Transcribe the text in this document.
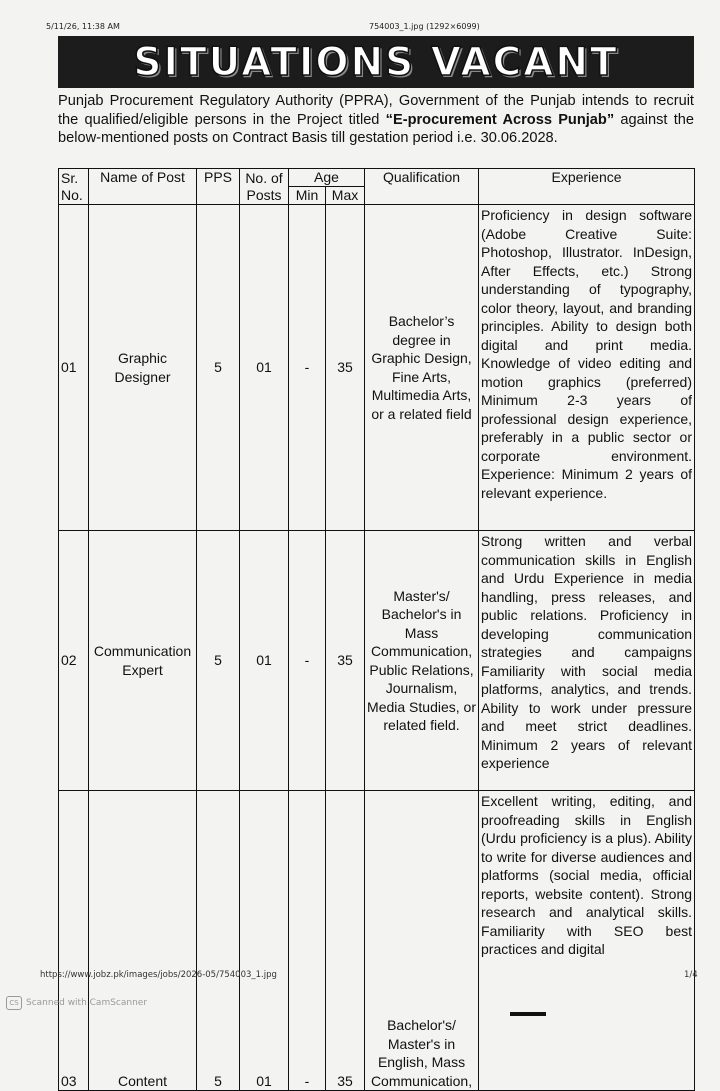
5/11/26, 11:38 AM	754003_1.jpg (1292×6099)
SITUATIONS VACANT
Punjab Procurement Regulatory Authority (PPRA), Government of the Punjab intends to recruit the qualified/eligible persons in the Project titled “E-procurement Across Punjab” against the below-mentioned posts on Contract Basis till gestation period i.e. 30.06.2028.
Sr. No.	Name of Post	PPS	No. of Posts	Age		Qualification	Experience
				Min	Max		
01	Graphic Designer	5	01	-	35	Bachelor’s degree in Graphic Design, Fine Arts, Multimedia Arts, or a related field	Proficiency in design software (Adobe Creative Suite: Photoshop, Illustrator. InDesign, After Effects, etc.) Strong understanding of typography, color theory, layout, and branding principles. Ability to design both digital and print media. Knowledge of video editing and motion graphics (preferred) Minimum 2-3 years of professional design experience, preferably in a public sector or corporate environment. Experience: Minimum 2 years of relevant experience.
02	Communication Expert	5	01	-	35	Master's/ Bachelor's in Mass Communication, Public Relations, Journalism, Media Studies, or related field.	Strong written and verbal communication skills in English and Urdu Experience in media handling, press releases, and public relations. Proficiency in developing communication strategies and campaigns Familiarity with social media platforms, analytics, and trends. Ability to work under pressure and meet strict deadlines. Minimum 2 years of relevant experience
03	Content	5	01	-	35	Bachelor's/ Master's in English, Mass Communication,	Excellent writing, editing, and proofreading skills in English (Urdu proficiency is a plus). Ability to write for diverse audiences and platforms (social media, official reports, website content). Strong research and analytical skills. Familiarity with SEO best practices and digital
https://www.jobz.pk/images/jobs/2026-05/754003_1.jpg	1/4
CS Scanned with CamScanner
